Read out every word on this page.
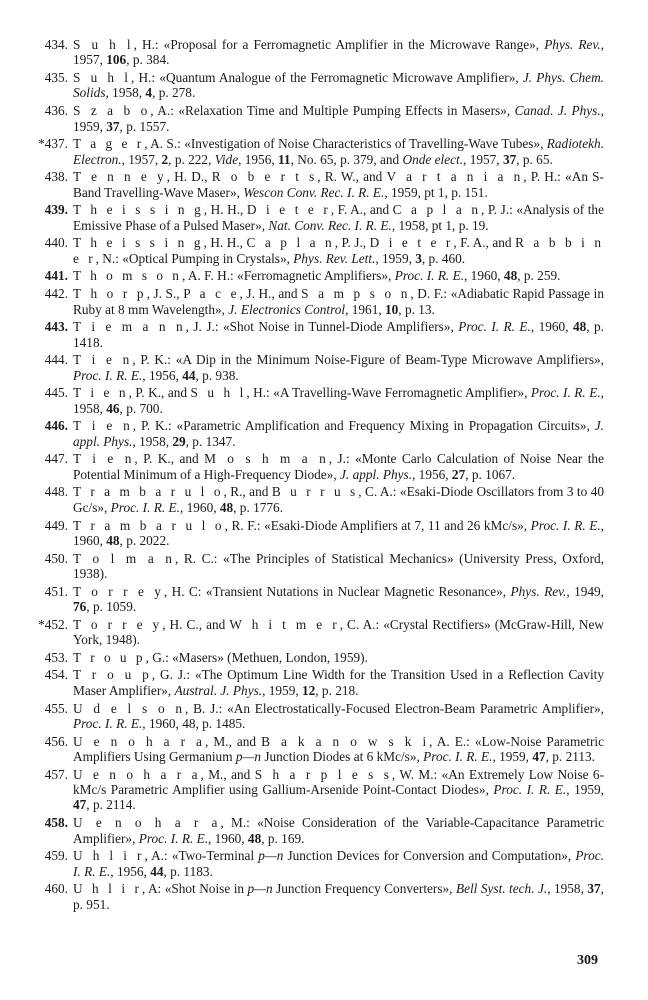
434. S u h l, H.: «Proposal for a Ferromagnetic Amplifier in the Microwave Range», Phys. Rev., 1957, 106, p. 384.
435. S u h l, H.: «Quantum Analogue of the Ferromagnetic Microwave Amplifier», J. Phys. Chem. Solids, 1958, 4, p. 278.
436. S z a b o, A.: «Relaxation Time and Multiple Pumping Effects in Masers», Canad. J. Phys., 1959, 37, p. 1557.
*437. T a g e r, A. S.: «Investigation of Noise Characteristics of Travelling-Wave Tubes», Radiotekh. Electron., 1957, 2, p. 222, Vide, 1956, 11, No. 65, p. 379, and Onde elect., 1957, 37, p. 65.
438. T e n n e y, H. D., R o b e r t s, R. W., and V a r t a n i a n, P. H.: «An S-Band Travelling-Wave Maser», Wescon Conv. Rec. I. R. E., 1959, pt 1, p. 151.
439. T h e i s s i n g, H. H., D i e t e r, F. A., and C a p l a n, P. J.: «Analysis of the Emissive Phase of a Pulsed Maser», Nat. Conv. Rec. I. R. E., 1958, pt 1, p. 19.
440. T h e i s s i n g, H. H., C a p l a n, P. J., D i e t e r, F. A., and R a b b i n e r, N.: «Optical Pumping in Crystals», Phys. Rev. Lett., 1959, 3, p. 460.
441. T h o m s o n, A. F. H.: «Ferromagnetic Amplifiers», Proc. I. R. E., 1960, 48, p. 259.
442. T h o r p, J. S., P a c e, J. H., and S a m p s o n, D. F.: «Adiabatic Rapid Passage in Ruby at 8 mm Wavelength», J. Electronics Control, 1961, 10, p. 13.
443. T i e m a n n, J. J.: «Shot Noise in Tunnel-Diode Amplifiers», Proc. I. R. E., 1960, 48, p. 1418.
444. T i e n, P. K.: «A Dip in the Minimum Noise-Figure of Beam-Type Microwave Amplifiers», Proc. I. R. E., 1956, 44, p. 938.
445. T i e n, P. K., and S u h l, H.: «A Travelling-Wave Ferromagnetic Amplifier», Proc. I. R. E., 1958, 46, p. 700.
446. T i e n, P. K.: «Parametric Amplification and Frequency Mixing in Propagation Circuits», J. appl. Phys., 1958, 29, p. 1347.
447. T i e n, P. K., and M o s h m a n, J.: «Monte Carlo Calculation of Noise Near the Potential Minimum of a High-Frequency Diode», J. appl. Phys., 1956, 27, p. 1067.
448. T r a m b a r u l o, R., and B u r r u s, C. A.: «Esaki-Diode Oscillators from 3 to 40 Gc/s», Proc. I. R. E., 1960, 48, p. 1776.
449. T r a m b a r u l o, R. F.: «Esaki-Diode Amplifiers at 7, 11 and 26 kMc/s», Proc. I. R. E., 1960, 48, p. 2022.
450. T o l m a n, R. C.: «The Principles of Statistical Mechanics» (University Press, Oxford, 1938).
451. T o r r e y, H. C: «Transient Nutations in Nuclear Magnetic Resonance», Phys. Rev., 1949, 76, p. 1059.
*452. T o r r e y, H. C., and W h i t m e r, C. A.: «Crystal Rectifiers» (McGraw-Hill, New York, 1948).
453. T r o u p, G.: «Masers» (Methuen, London, 1959).
454. T r o u p, G. J.: «The Optimum Line Width for the Transition Used in a Reflection Cavity Maser Amplifier», Austral. J. Phys., 1959, 12, p. 218.
455. U d e l s o n, B. J.: «An Electrostatically-Focused Electron-Beam Parametric Amplifier», Proc. I. R. E., 1960, 48, p. 1485.
456. U e n o h a r a, M., and B a k a n o w s k i, A. E.: «Low-Noise Parametric Amplifiers Using Germanium p—n Junction Diodes at 6 kMc/s», Proc. I. R. E., 1959, 47, p. 2113.
457. U e n o h a r a, M., and S h a r p l e s s, W. M.: «An Extremely Low Noise 6-kMc/s Parametric Amplifier using Gallium-Arsenide Point-Contact Diodes», Proc. I. R. E., 1959, 47, p. 2114.
458. U e n o h a r a, M.: «Noise Consideration of the Variable-Capacitance Parametric Amplifier», Proc. I. R. E., 1960, 48, p. 169.
459. U h l i r, A.: «Two-Terminal p—n Junction Devices for Conversion and Computation», Proc. I. R. E., 1956, 44, p. 1183.
460. U h l i r, A: «Shot Noise in p—n Junction Frequency Converters», Bell Syst. tech. J., 1958, 37, p. 951.
309
